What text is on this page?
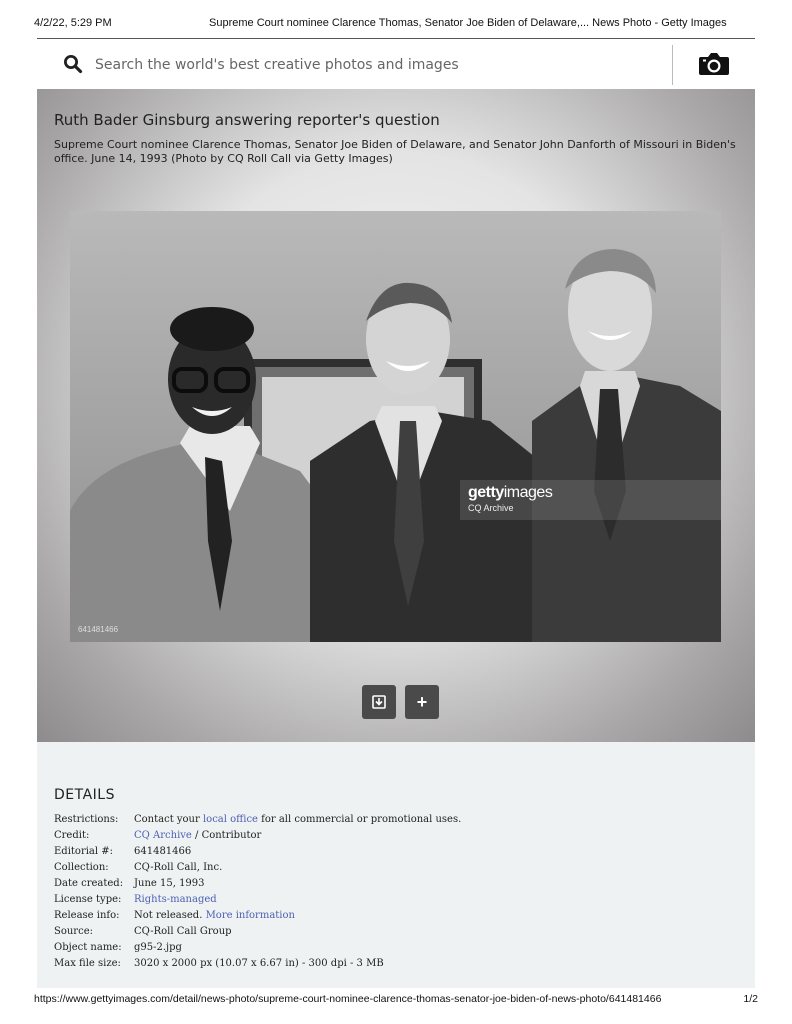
4/2/22, 5:29 PM	Supreme Court nominee Clarence Thomas, Senator Joe Biden of Delaware,... News Photo - Getty Images
Search the world's best creative photos and images
Ruth Bader Ginsburg answering reporter's question
Supreme Court nominee Clarence Thomas, Senator Joe Biden of Delaware, and Senator John Danforth of Missouri in Biden's office. June 14, 1993 (Photo by CQ Roll Call via Getty Images)
gettyimages
CQ Archive
641481466
+
DETAILS
Restrictions:	Contact your local office for all commercial or promotional uses.
Credit:	CQ Archive / Contributor
Editorial #:	641481466
Collection:	CQ-Roll Call, Inc.
Date created:	June 15, 1993
License type:	Rights-managed
Release info:	Not released. More information
Source:	CQ-Roll Call Group
Object name:	g95-2.jpg
Max file size:	3020 x 2000 px (10.07 x 6.67 in) - 300 dpi - 3 MB
https://www.gettyimages.com/detail/news-photo/supreme-court-nominee-clarence-thomas-senator-joe-biden-of-news-photo/641481466	1/2
